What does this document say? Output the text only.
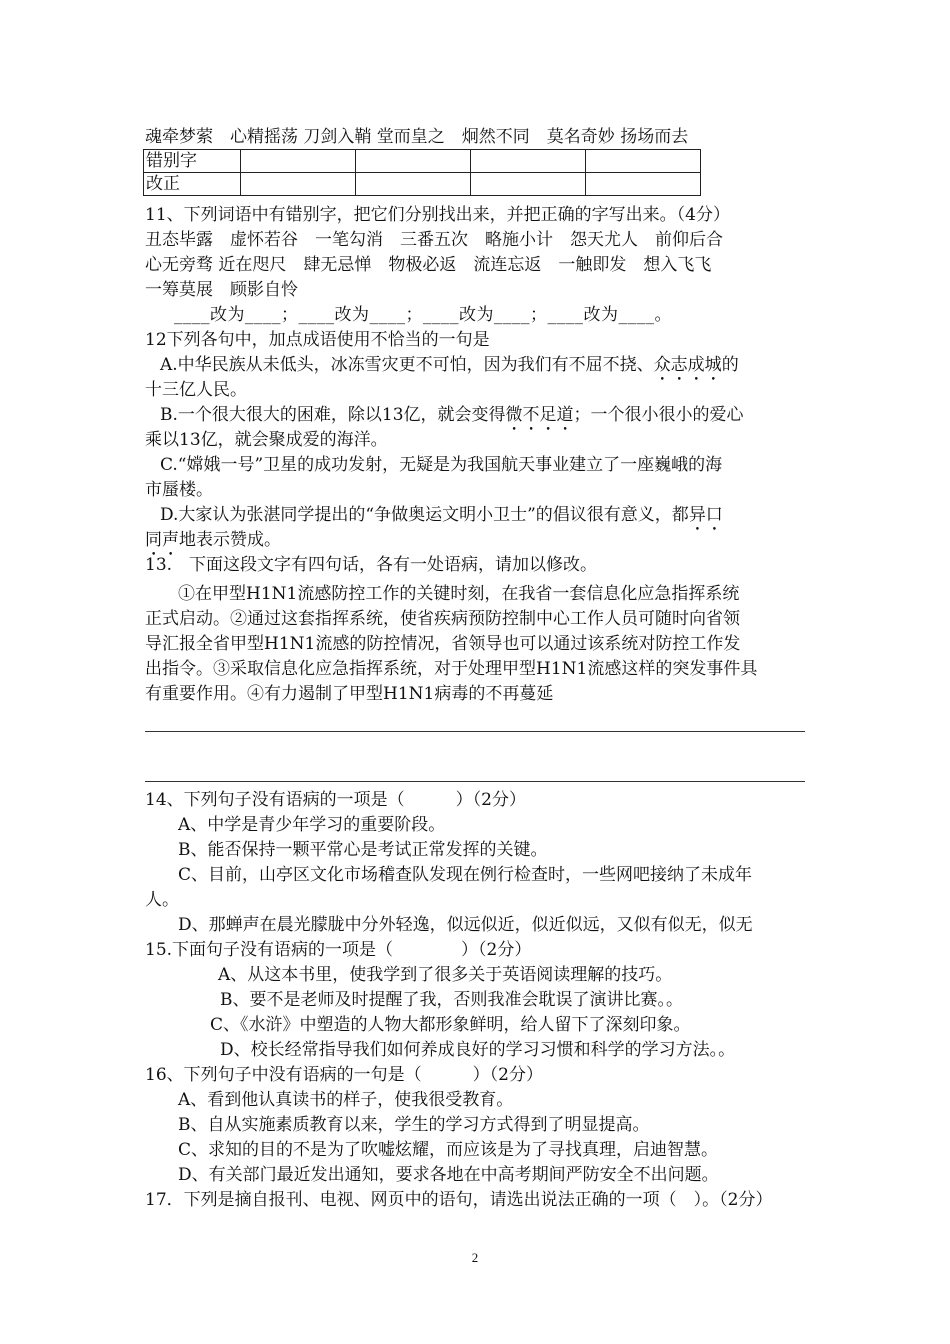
魂牵梦萦　心精摇荡 刀剑入鞘 堂而皇之　炯然不同　莫名奇妙 扬场而去
错别字				
改正				
11、下列词语中有错别字，把它们分别找出来，并把正确的字写出来。（4分）
丑态毕露　虚怀若谷　一笔勾消　三番五次　略施小计　怨天尤人　前仰后合
心无旁骛 近在咫尺　肆无忌惮　物极必返　流连忘返　一触即发　想入飞飞
一筹莫展　顾影自怜
____改为____；____改为____；____改为____；____改为____。
12下列各句中，加点成语使用不恰当的一句是
A.中华民族从未低头，冰冻雪灾更不可怕，因为我们有不屈不挠、众志成城的
十三亿人民。
B.一个很大很大的困难，除以13亿，就会变得微不足道；一个很小很小的爱心
乘以13亿，就会聚成爱的海洋。
C.“嫦娥一号”卫星的成功发射，无疑是为我国航天事业建立了一座巍峨的海
市蜃楼。
D.大家认为张湛同学提出的“争做奥运文明小卫士”的倡议很有意义，都异口
同声地表示赞成。
13.　下面这段文字有四句话，各有一处语病，请加以修改。
①在甲型H1N1流感防控工作的关键时刻，在我省一套信息化应急指挥系统
正式启动。②通过这套指挥系统，使省疾病预防控制中心工作人员可随时向省领
导汇报全省甲型H1N1流感的防控情况，省领导也可以通过该系统对防控工作发
出指令。③采取信息化应急指挥系统，对于处理甲型H1N1流感这样的突发事件具
有重要作用。④有力遏制了甲型H1N1病毒的不再蔓延
14、下列句子没有语病的一项是（　　　）（2分）
A、中学是青少年学习的重要阶段。
B、能否保持一颗平常心是考试正常发挥的关键。
C、目前，山亭区文化市场稽查队发现在例行检查时，一些网吧接纳了未成年
人。
D、那蝉声在晨光朦胧中分外轻逸，似远似近，似近似远，又似有似无，似无
15.下面句子没有语病的一项是（　　　　）（2分）
A、从这本书里，使我学到了很多关于英语阅读理解的技巧。
B、要不是老师及时提醒了我，否则我准会耽误了演讲比赛。。
C、《水浒》中塑造的人物大都形象鲜明，给人留下了深刻印象。
D、校长经常指导我们如何养成良好的学习习惯和科学的学习方法。。
16、下列句子中没有语病的一句是（　　　）（2分）
A、看到他认真读书的样子，使我很受教育。
B、自从实施素质教育以来，学生的学习方式得到了明显提高。
C、求知的目的不是为了吹嘘炫耀，而应该是为了寻找真理，启迪智慧。
D、有关部门最近发出通知，要求各地在中高考期间严防安全不出问题。
17．下列是摘自报刊、电视、网页中的语句，请选出说法正确的一项（　）。（2分）
2
